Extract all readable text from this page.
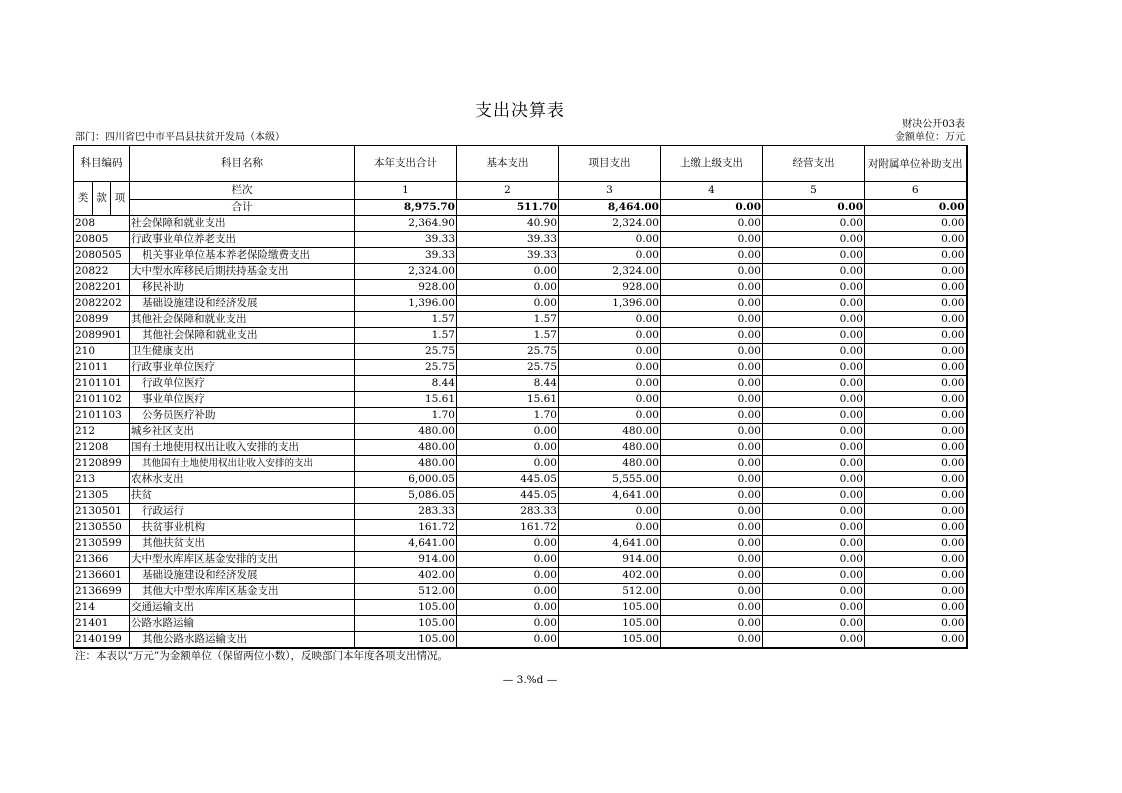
支出决算表
财决公开03表
部门：四川省巴中市平昌县扶贫开发局（本级）	金额单位：万元
科目编码			科目名称	本年支出合计	基本支出	项目支出	上缴上级支出	经营支出	对附属单位补助支出
类	款	项	栏次	1	2	3	4	5	6
			合计	8,975.70	511.70	8,464.00	0.00	0.00	0.00
208			社会保障和就业支出	2,364.90	40.90	2,324.00	0.00	0.00	0.00
20805			行政事业单位养老支出	39.33	39.33	0.00	0.00	0.00	0.00
2080505			机关事业单位基本养老保险缴费支出	39.33	39.33	0.00	0.00	0.00	0.00
20822			大中型水库移民后期扶持基金支出	2,324.00	0.00	2,324.00	0.00	0.00	0.00
2082201			移民补助	928.00	0.00	928.00	0.00	0.00	0.00
2082202			基础设施建设和经济发展	1,396.00	0.00	1,396.00	0.00	0.00	0.00
20899			其他社会保障和就业支出	1.57	1.57	0.00	0.00	0.00	0.00
2089901			其他社会保障和就业支出	1.57	1.57	0.00	0.00	0.00	0.00
210			卫生健康支出	25.75	25.75	0.00	0.00	0.00	0.00
21011			行政事业单位医疗	25.75	25.75	0.00	0.00	0.00	0.00
2101101			行政单位医疗	8.44	8.44	0.00	0.00	0.00	0.00
2101102			事业单位医疗	15.61	15.61	0.00	0.00	0.00	0.00
2101103			公务员医疗补助	1.70	1.70	0.00	0.00	0.00	0.00
212			城乡社区支出	480.00	0.00	480.00	0.00	0.00	0.00
21208			国有土地使用权出让收入安排的支出	480.00	0.00	480.00	0.00	0.00	0.00
2120899			其他国有土地使用权出让收入安排的支出	480.00	0.00	480.00	0.00	0.00	0.00
213			农林水支出	6,000.05	445.05	5,555.00	0.00	0.00	0.00
21305			扶贫	5,086.05	445.05	4,641.00	0.00	0.00	0.00
2130501			行政运行	283.33	283.33	0.00	0.00	0.00	0.00
2130550			扶贫事业机构	161.72	161.72	0.00	0.00	0.00	0.00
2130599			其他扶贫支出	4,641.00	0.00	4,641.00	0.00	0.00	0.00
21366			大中型水库库区基金安排的支出	914.00	0.00	914.00	0.00	0.00	0.00
2136601			基础设施建设和经济发展	402.00	0.00	402.00	0.00	0.00	0.00
2136699			其他大中型水库库区基金支出	512.00	0.00	512.00	0.00	0.00	0.00
214			交通运输支出	105.00	0.00	105.00	0.00	0.00	0.00
21401			公路水路运输	105.00	0.00	105.00	0.00	0.00	0.00
2140199			其他公路水路运输支出	105.00	0.00	105.00	0.00	0.00	0.00
注：本表以“万元”为金额单位（保留两位小数），反映部门本年度各项支出情况。
— 3.%d —
